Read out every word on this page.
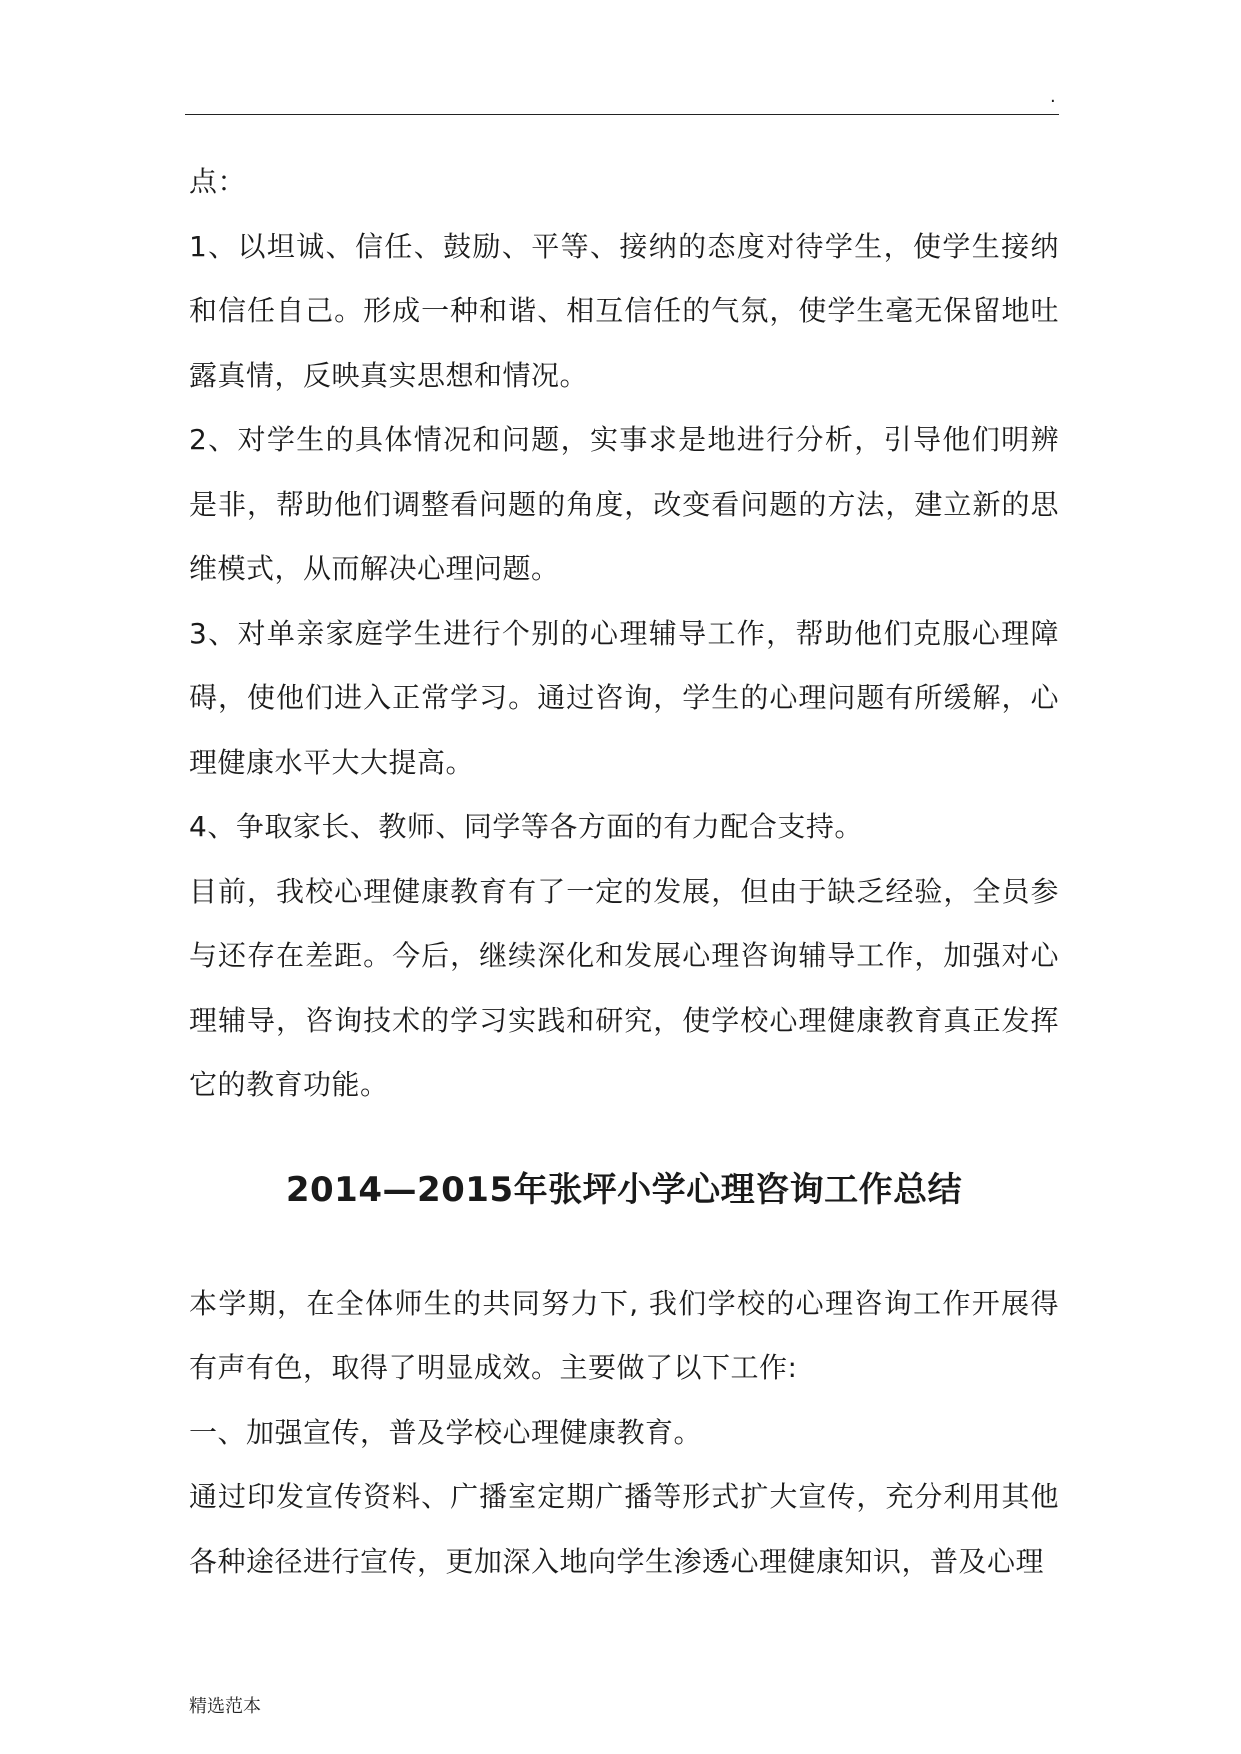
.

点：

1、以坦诚、信任、鼓励、平等、接纳的态度对待学生，使学生接纳和信任自己。形成一种和谐、相互信任的气氛，使学生毫无保留地吐露真情，反映真实思想和情况。

2、对学生的具体情况和问题，实事求是地进行分析，引导他们明辨是非，帮助他们调整看问题的角度，改变看问题的方法，建立新的思维模式，从而解决心理问题。

3、对单亲家庭学生进行个别的心理辅导工作，帮助他们克服心理障碍，使他们进入正常学习。通过咨询，学生的心理问题有所缓解，心理健康水平大大提高。

4、争取家长、教师、同学等各方面的有力配合支持。

目前，我校心理健康教育有了一定的发展，但由于缺乏经验，全员参与还存在差距。今后，继续深化和发展心理咨询辅导工作，加强对心理辅导，咨询技术的学习实践和研究，使学校心理健康教育真正发挥它的教育功能。

2014—2015年张坪小学心理咨询工作总结

本学期，在全体师生的共同努力下, 我们学校的心理咨询工作开展得有声有色，取得了明显成效。主要做了以下工作:

一、加强宣传，普及学校心理健康教育。

通过印发宣传资料、广播室定期广播等形式扩大宣传，充分利用其他各种途径进行宣传，更加深入地向学生渗透心理健康知识，普及心理

精选范本
